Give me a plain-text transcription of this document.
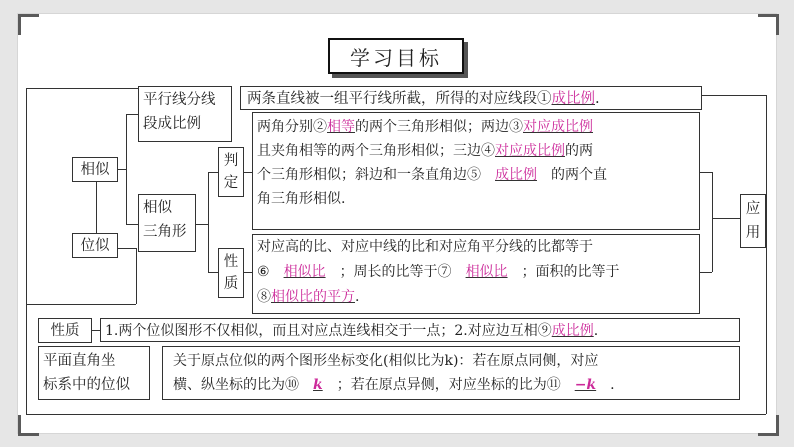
学习目标
相似
位似
平行线分线
段成比例
相似
三角形
判
定
性
质
应
用
性质
平面直角坐
标系中的位似
两条直线被一组平行线所截，所得的对应线段①成比例.
两角分别②相等的两个三角形相似；两边③对应成比例
且夹角相等的两个三角形相似；三边④对应成比例的两
个三角形相似；斜边和一条直角边⑤ 成比例 的两个直
角三角形相似.
对应高的比、对应中线的比和对应角平分线的比都等于
⑥ 相似比 ；周长的比等于⑦ 相似比 ；面积的比等于
⑧相似比的平方.
1.两个位似图形不仅相似，而且对应点连线相交于一点；2.对应边互相⑨成比例.
关于原点位似的两个图形坐标变化(相似比为k)：若在原点同侧，对应
横、纵坐标的比为⑩ k ；若在原点异侧，对应坐标的比为⑪ −k .
